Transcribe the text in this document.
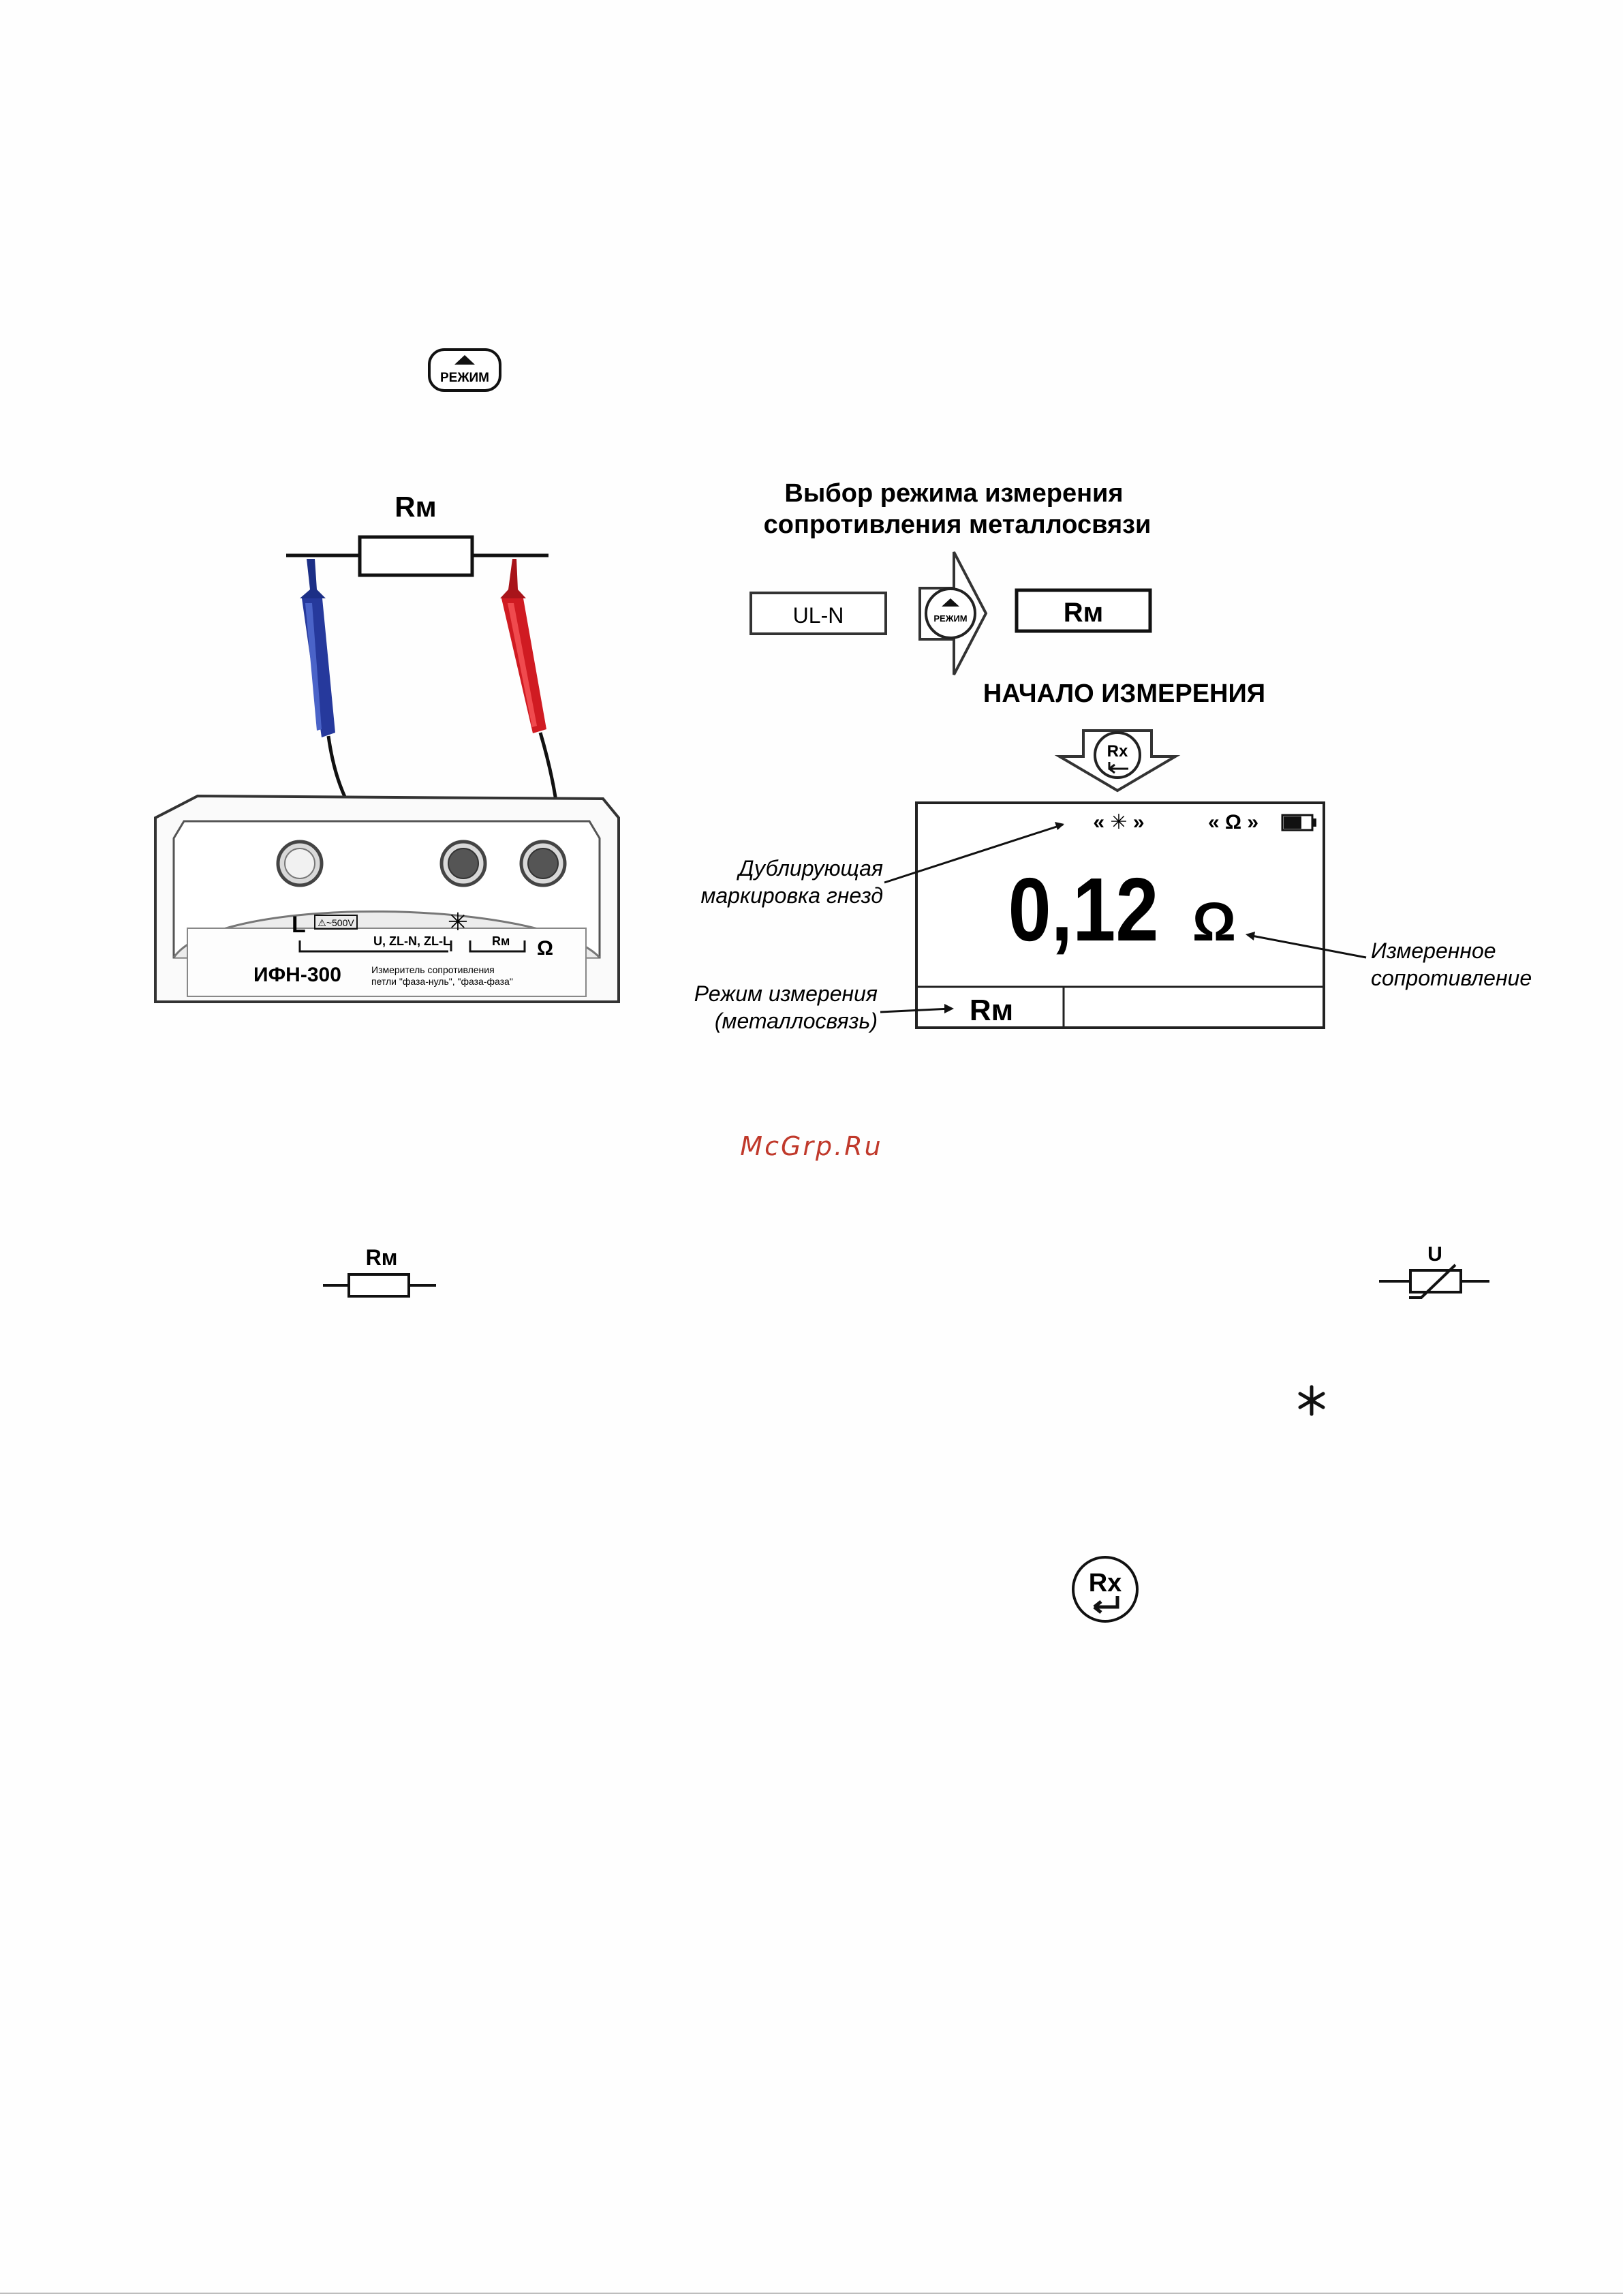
РЕЖИМ
Rм
L ⚠~500V
U, ZL-N, ZL-L
✳
Rм Ω
ИФН-300	Измеритель сопротивления
петли "фаза-нуль", "фаза-фаза"
Выбор режима измерения
сопротивления металлосвязи
UL-N	РЕЖИМ	Rм
НАЧАЛО ИЗМЕРЕНИЯ
Rx
« ✳ »	« Ω »
0,12 Ω
Rм
Дублирующая
маркировка гнезд
Измеренное
сопротивление
Режим измерения
(металлосвязь)
McGrp.Ru
Rм	U
Rx
